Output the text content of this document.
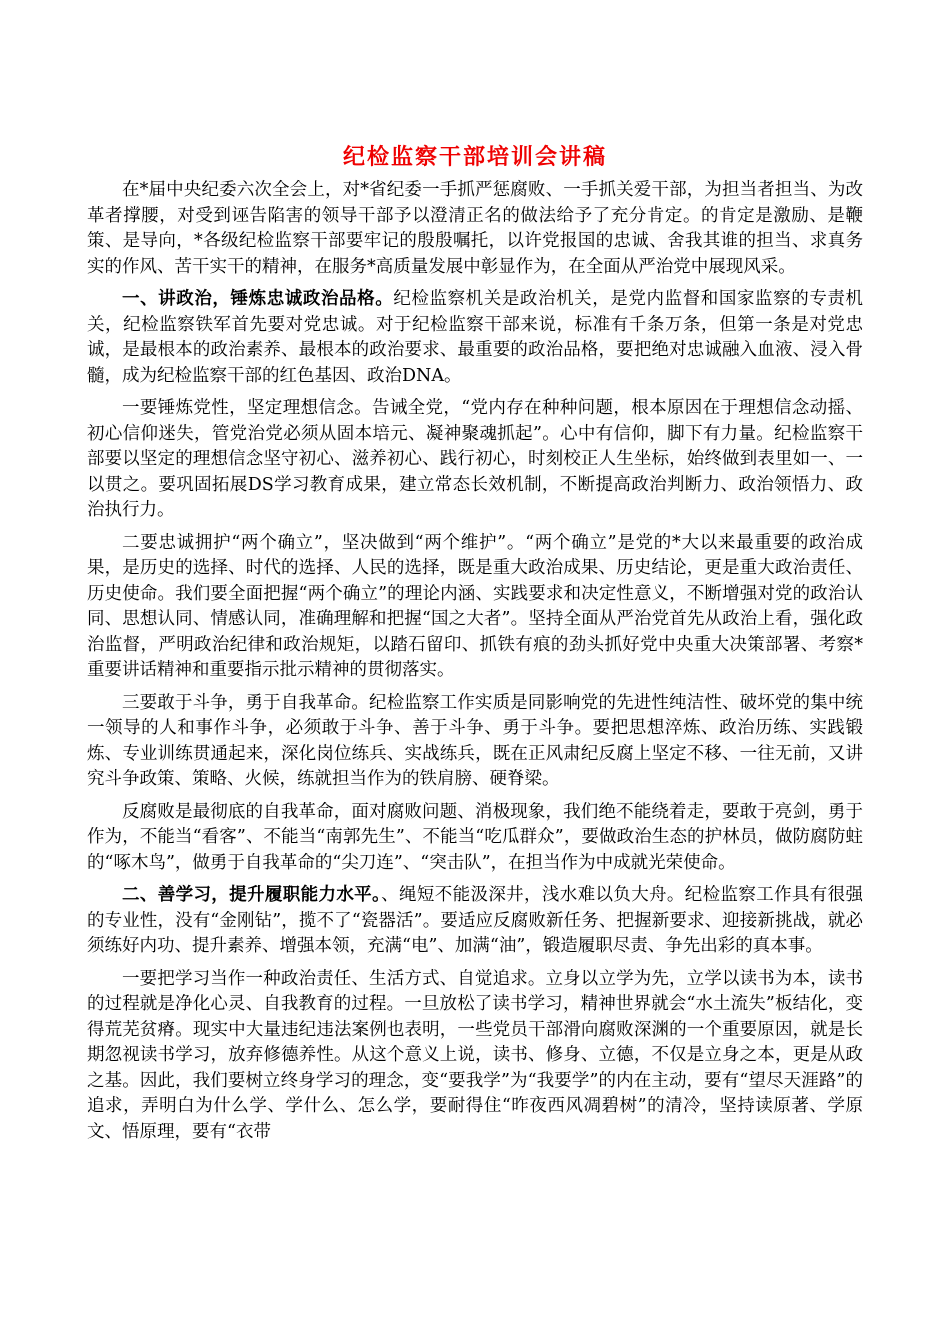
纪检监察干部培训会讲稿

在*届中央纪委六次全会上，对*省纪委一手抓严惩腐败、一手抓关爱干部，为担当者担当、为改革者撑腰，对受到诬告陷害的领导干部予以澄清正名的做法给予了充分肯定。的肯定是激励、是鞭策、是导向，*各级纪检监察干部要牢记的殷殷嘱托，以许党报国的忠诚、舍我其谁的担当、求真务实的作风、苦干实干的精神，在服务*高质量发展中彰显作为，在全面从严治党中展现风采。

一、讲政治，锤炼忠诚政治品格。纪检监察机关是政治机关，是党内监督和国家监察的专责机关，纪检监察铁军首先要对党忠诚。对于纪检监察干部来说，标准有千条万条，但第一条是对党忠诚，是最根本的政治素养、最根本的政治要求、最重要的政治品格，要把绝对忠诚融入血液、浸入骨髓，成为纪检监察干部的红色基因、政治DNA。

一要锤炼党性，坚定理想信念。告诫全党，“党内存在种种问题，根本原因在于理想信念动摇、初心信仰迷失，管党治党必须从固本培元、凝神聚魂抓起”。心中有信仰，脚下有力量。纪检监察干部要以坚定的理想信念坚守初心、滋养初心、践行初心，时刻校正人生坐标，始终做到表里如一、一以贯之。要巩固拓展DS学习教育成果，建立常态长效机制，不断提高政治判断力、政治领悟力、政治执行力。

二要忠诚拥护“两个确立”，坚决做到“两个维护”。“两个确立”是党的*大以来最重要的政治成果，是历史的选择、时代的选择、人民的选择，既是重大政治成果、历史结论，更是重大政治责任、历史使命。我们要全面把握“两个确立”的理论内涵、实践要求和决定性意义，不断增强对党的政治认同、思想认同、情感认同，准确理解和把握“国之大者”。坚持全面从严治党首先从政治上看，强化政治监督，严明政治纪律和政治规矩，以踏石留印、抓铁有痕的劲头抓好党中央重大决策部署、考察*重要讲话精神和重要指示批示精神的贯彻落实。

三要敢于斗争，勇于自我革命。纪检监察工作实质是同影响党的先进性纯洁性、破坏党的集中统一领导的人和事作斗争，必须敢于斗争、善于斗争、勇于斗争。要把思想淬炼、政治历练、实践锻炼、专业训练贯通起来，深化岗位练兵、实战练兵，既在正风肃纪反腐上坚定不移、一往无前，又讲究斗争政策、策略、火候，练就担当作为的铁肩膀、硬脊梁。

反腐败是最彻底的自我革命，面对腐败问题、消极现象，我们绝不能绕着走，要敢于亮剑，勇于作为，不能当“看客”、不能当“南郭先生”、不能当“吃瓜群众”，要做政治生态的护林员，做防腐防蛀的“啄木鸟”，做勇于自我革命的“尖刀连”、“突击队”，在担当作为中成就光荣使命。

二、善学习，提升履职能力水平。、绳短不能汲深井，浅水难以负大舟。纪检监察工作具有很强的专业性，没有“金刚钻”，揽不了“瓷器活”。要适应反腐败新任务、把握新要求、迎接新挑战，就必须练好内功、提升素养、增强本领，充满“电”、加满“油”，锻造履职尽责、争先出彩的真本事。

一要把学习当作一种政治责任、生活方式、自觉追求。立身以立学为先，立学以读书为本，读书的过程就是净化心灵、自我教育的过程。一旦放松了读书学习，精神世界就会“水土流失”板结化，变得荒芜贫瘠。现实中大量违纪违法案例也表明，一些党员干部滑向腐败深渊的一个重要原因，就是长期忽视读书学习，放弃修德养性。从这个意义上说，读书、修身、立德，不仅是立身之本，更是从政之基。因此，我们要树立终身学习的理念，变“要我学”为“我要学”的内在主动，要有“望尽天涯路”的追求，弄明白为什么学、学什么、怎么学，要耐得住“昨夜西风凋碧树”的清冷，坚持读原著、学原文、悟原理，要有“衣带
